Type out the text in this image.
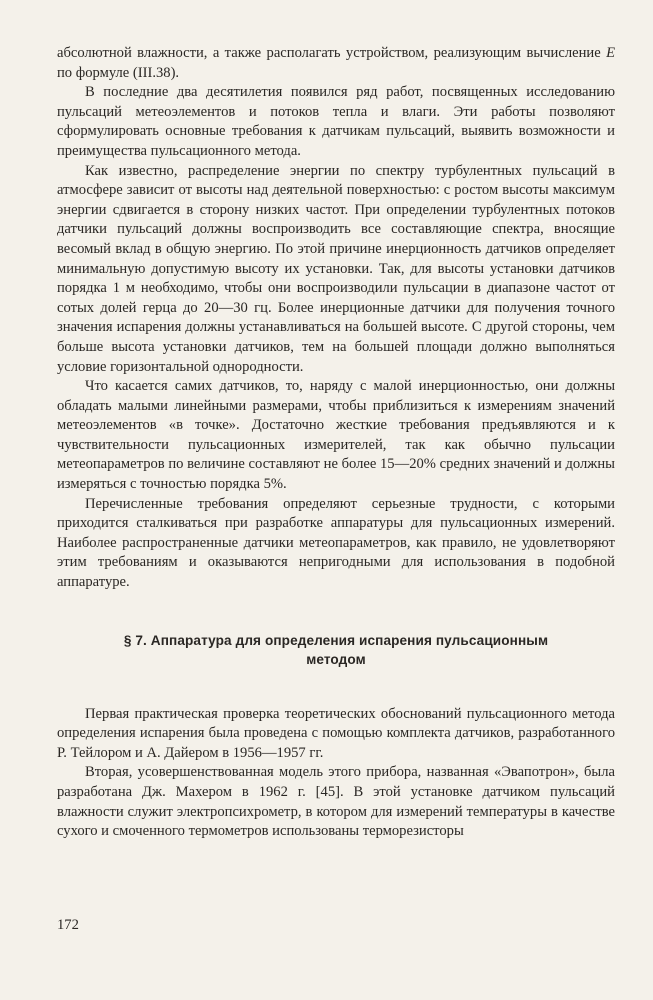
абсолютной влажности, а также располагать устройством, реализующим вычисление E по формуле (III.38).

В последние два десятилетия появился ряд работ, посвященных исследованию пульсаций метеоэлементов и потоков тепла и влаги. Эти работы позволяют сформулировать основные требования к датчикам пульсаций, выявить возможности и преимущества пульсационного метода.

Как известно, распределение энергии по спектру турбулентных пульсаций в атмосфере зависит от высоты над деятельной поверхностью: с ростом высоты максимум энергии сдвигается в сторону низких частот. При определении турбулентных потоков датчики пульсаций должны воспроизводить все составляющие спектра, вносящие весомый вклад в общую энергию. По этой причине инерционность датчиков определяет минимальную допустимую высоту их установки. Так, для высоты установки датчиков порядка 1 м необходимо, чтобы они воспроизводили пульсации в диапазоне частот от сотых долей герца до 20—30 гц. Более инерционные датчики для получения точного значения испарения должны устанавливаться на большей высоте. С другой стороны, чем больше высота установки датчиков, тем на большей площади должно выполняться условие горизонтальной однородности.

Что касается самих датчиков, то, наряду с малой инерционностью, они должны обладать малыми линейными размерами, чтобы приблизиться к измерениям значений метеоэлементов «в точке». Достаточно жесткие требования предъявляются и к чувствительности пульсационных измерителей, так как обычно пульсации метеопараметров по величине составляют не более 15—20% средних значений и должны измеряться с точностью порядка 5%.

Перечисленные требования определяют серьезные трудности, с которыми приходится сталкиваться при разработке аппаратуры для пульсационных измерений. Наиболее распространенные датчики метеопараметров, как правило, не удовлетворяют этим требованиям и оказываются непригодными для использования в подобной аппаратуре.

§ 7. Аппаратура для определения испарения пульсационным
методом

Первая практическая проверка теоретических обоснований пульсационного метода определения испарения была проведена с помощью комплекта датчиков, разработанного Р. Тейлором и А. Дайером в 1956—1957 гг.

Вторая, усовершенствованная модель этого прибора, названная «Эвапотрон», была разработана Дж. Махером в 1962 г. [45]. В этой установке датчиком пульсаций влажности служит электропсихрометр, в котором для измерений температуры в качестве сухого и смоченного термометров использованы терморезисторы

172
